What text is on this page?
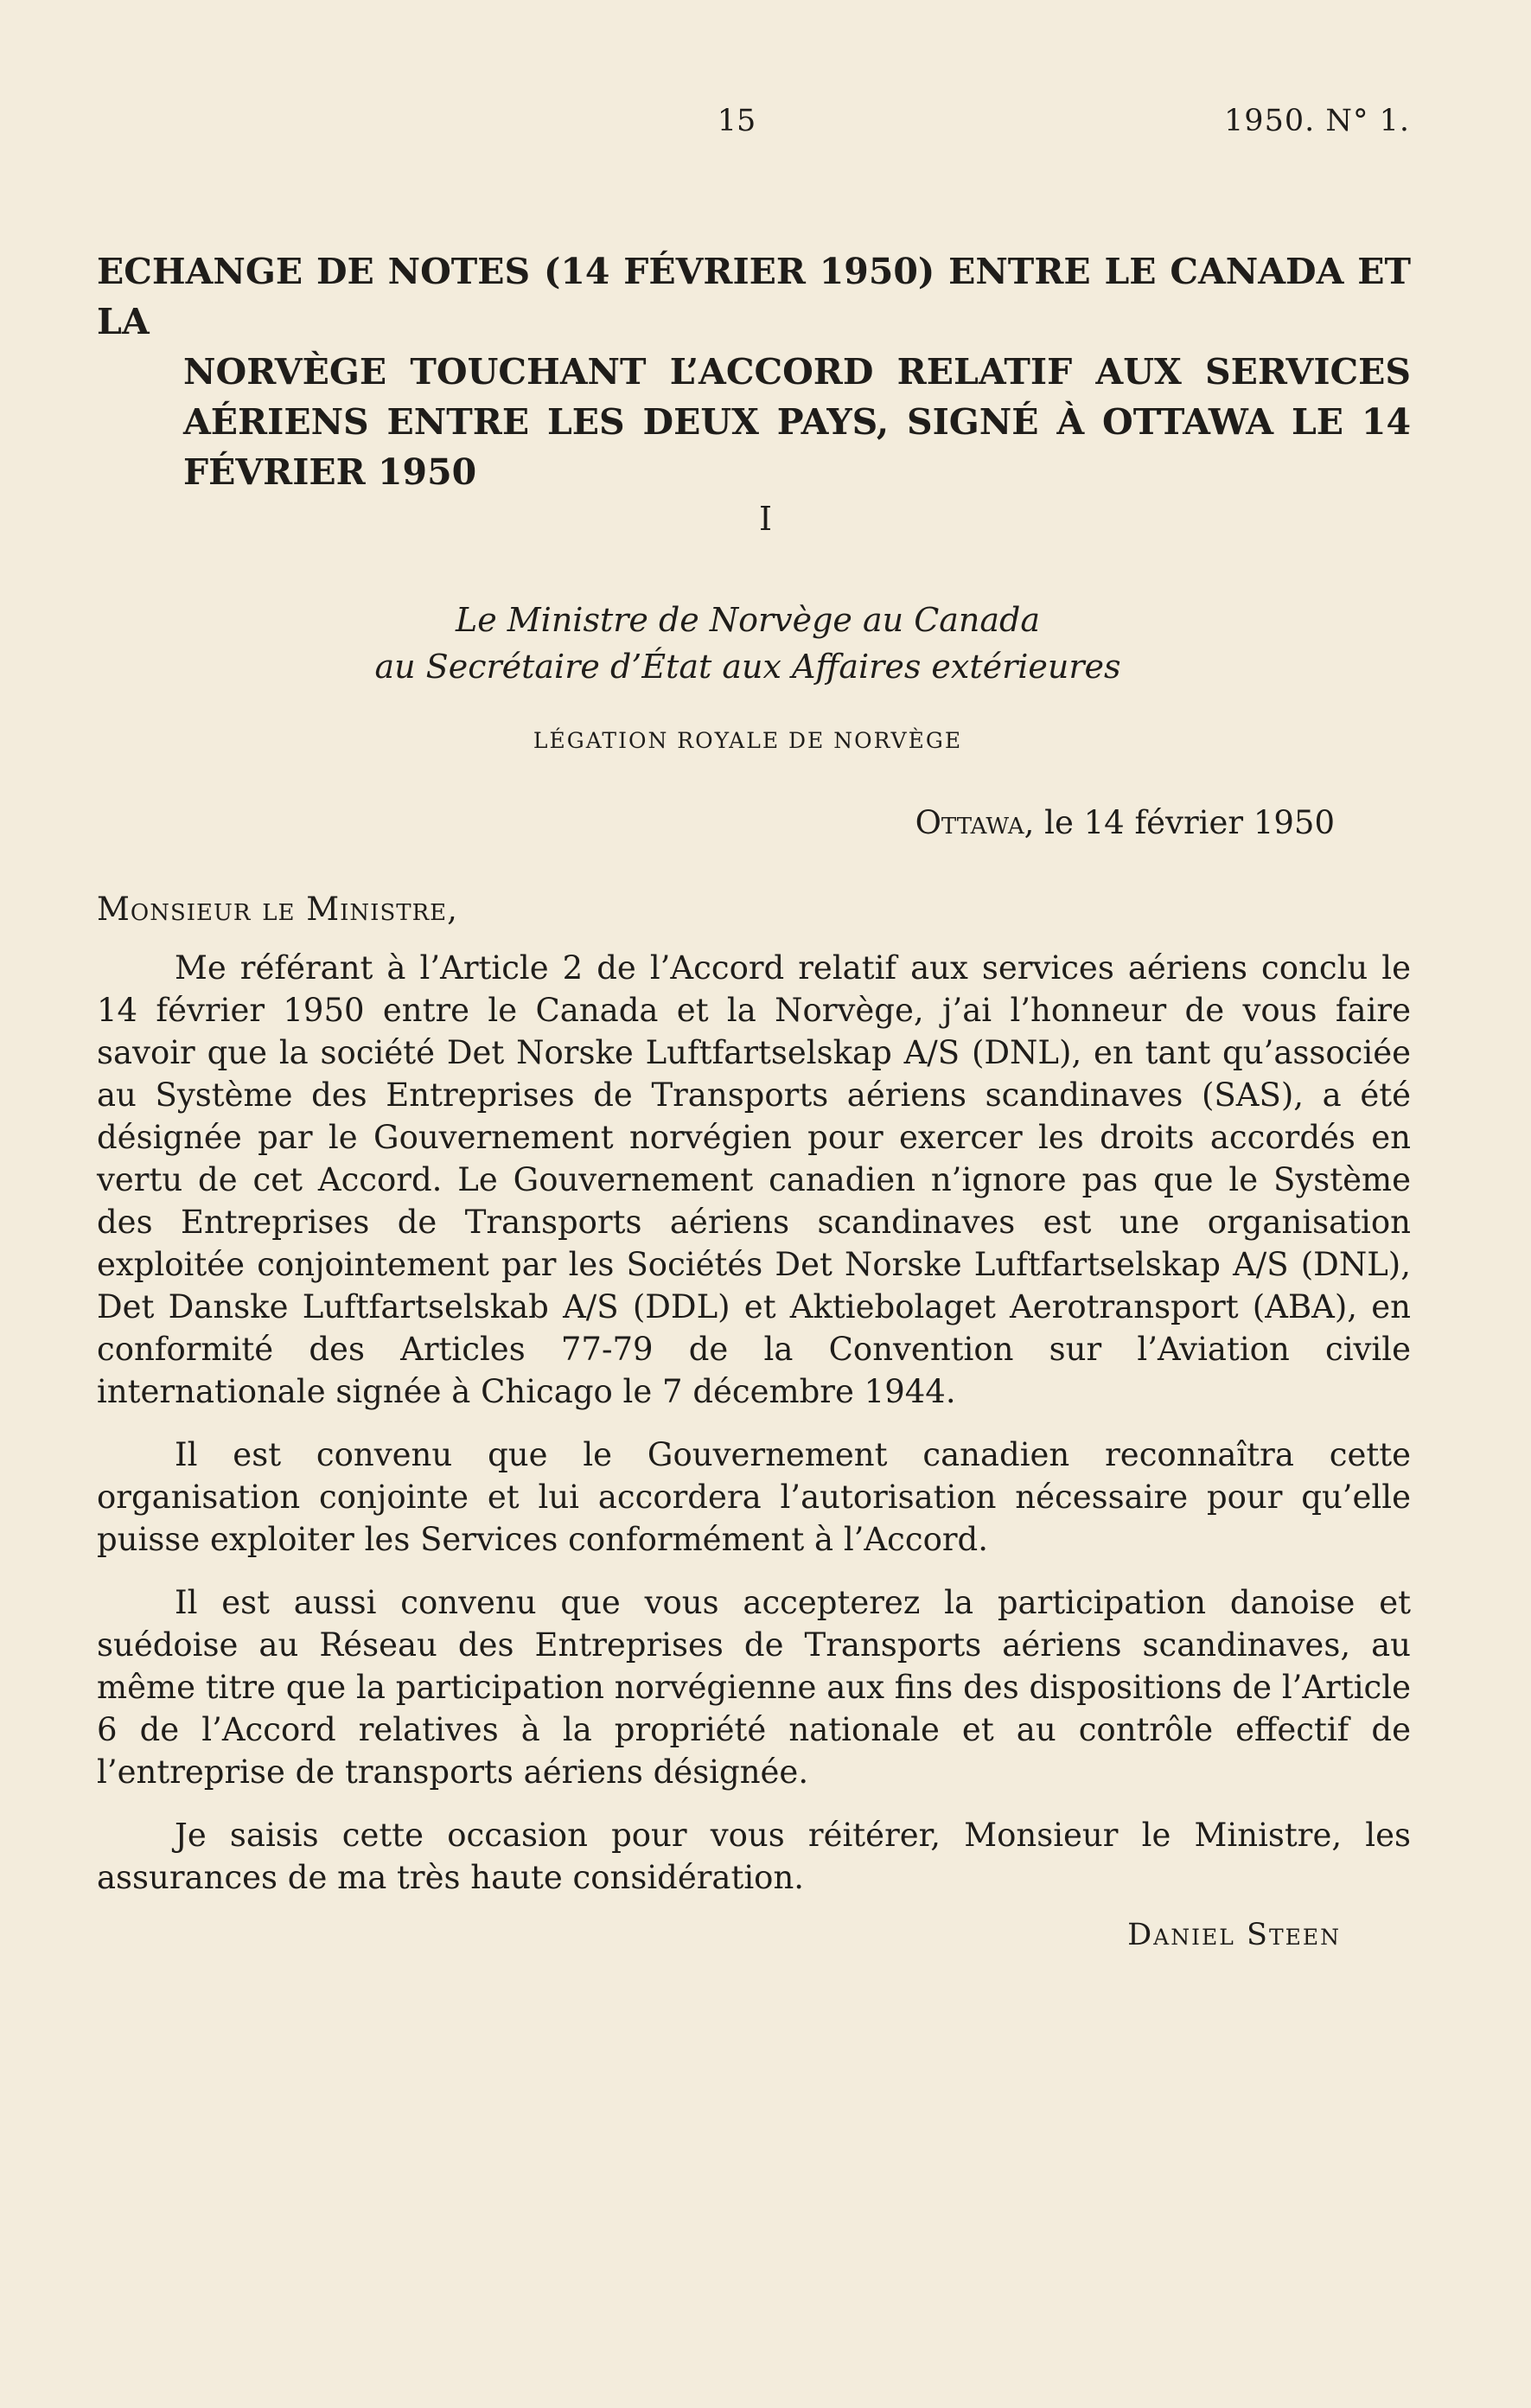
15	1950. N° 1.
ECHANGE DE NOTES (14 FÉVRIER 1950) ENTRE LE CANADA ET LA
NORVÈGE TOUCHANT L’ACCORD RELATIF AUX SERVICES
AÉRIENS ENTRE LES DEUX PAYS, SIGNÉ À OTTAWA LE 14
FÉVRIER 1950
I
Le Ministre de Norvège au Canada
au Secrétaire d’État aux Affaires extérieures
LÉGATION ROYALE DE NORVÈGE
Ottawa, le 14 février 1950
Monsieur le Ministre,

Me référant à l’Article 2 de l’Accord relatif aux services aériens conclu le 14 février 1950 entre le Canada et la Norvège, j’ai l’honneur de vous faire savoir que la société Det Norske Luftfartselskap A/S (DNL), en tant qu’associée au Système des Entreprises de Transports aériens scandinaves (SAS), a été désignée par le Gouvernement norvégien pour exercer les droits accordés en vertu de cet Accord. Le Gouvernement canadien n’ignore pas que le Système des Entreprises de Transports aériens scandinaves est une organisation exploitée conjointement par les Sociétés Det Norske Luftfartselskap A/S (DNL), Det Danske Luftfartselskab A/S (DDL) et Aktiebolaget Aerotransport (ABA), en conformité des Articles 77-79 de la Convention sur l’Aviation civile internationale signée à Chicago le 7 décembre 1944.

Il est convenu que le Gouvernement canadien reconnaîtra cette organisation conjointe et lui accordera l’autorisation nécessaire pour qu’elle puisse exploiter les Services conformément à l’Accord.

Il est aussi convenu que vous accepterez la participation danoise et suédoise au Réseau des Entreprises de Transports aériens scandinaves, au même titre que la participation norvégienne aux fins des dispositions de l’Article 6 de l’Accord relatives à la propriété nationale et au contrôle effectif de l’entreprise de transports aériens désignée.

Je saisis cette occasion pour vous réitérer, Monsieur le Ministre, les assurances de ma très haute considération.

Daniel Steen
